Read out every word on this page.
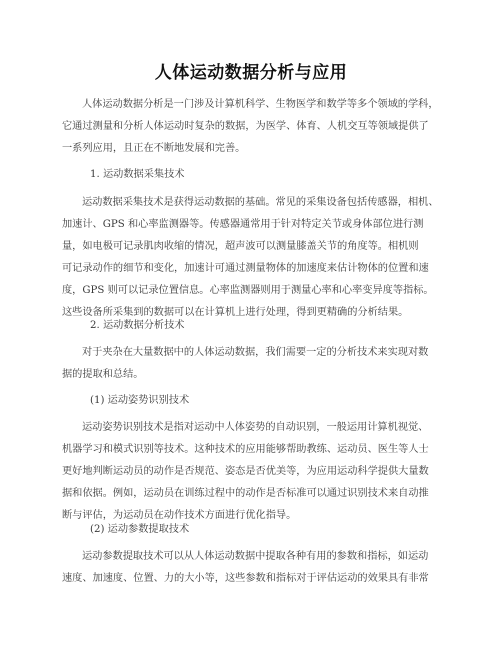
人体运动数据分析与应用
人体运动数据分析是一门涉及计算机科学、生物医学和数学等多个领域的学科，
它通过测量和分析人体运动时复杂的数据，为医学、体育、人机交互等领域提供了
一系列应用，且正在不断地发展和完善。
1. 运动数据采集技术
运动数据采集技术是获得运动数据的基础。常见的采集设备包括传感器，相机、
加速计、GPS 和心率监测器等。传感器通常用于针对特定关节或身体部位进行测
量，如电极可记录肌肉收缩的情况，超声波可以测量膝盖关节的角度等。相机则
可记录动作的细节和变化，加速计可通过测量物体的加速度来估计物体的位置和速
度，GPS 则可以记录位置信息。心率监测器则用于测量心率和心率变异度等指标。
这些设备所采集到的数据可以在计算机上进行处理，得到更精确的分析结果。
2. 运动数据分析技术
对于夹杂在大量数据中的人体运动数据，我们需要一定的分析技术来实现对数
据的提取和总结。
(1) 运动姿势识别技术
运动姿势识别技术是指对运动中人体姿势的自动识别，一般运用计算机视觉、
机器学习和模式识别等技术。这种技术的应用能够帮助教练、运动员、医生等人士
更好地判断运动员的动作是否规范、姿态是否优美等，为应用运动科学提供大量数
据和依据。例如，运动员在训练过程中的动作是否标准可以通过识别技术来自动推
断与评估，为运动员在动作技术方面进行优化指导。
(2) 运动参数提取技术
运动参数提取技术可以从人体运动数据中提取各种有用的参数和指标，如运动
速度、加速度、位置、力的大小等，这些参数和指标对于评估运动的效果具有非常
